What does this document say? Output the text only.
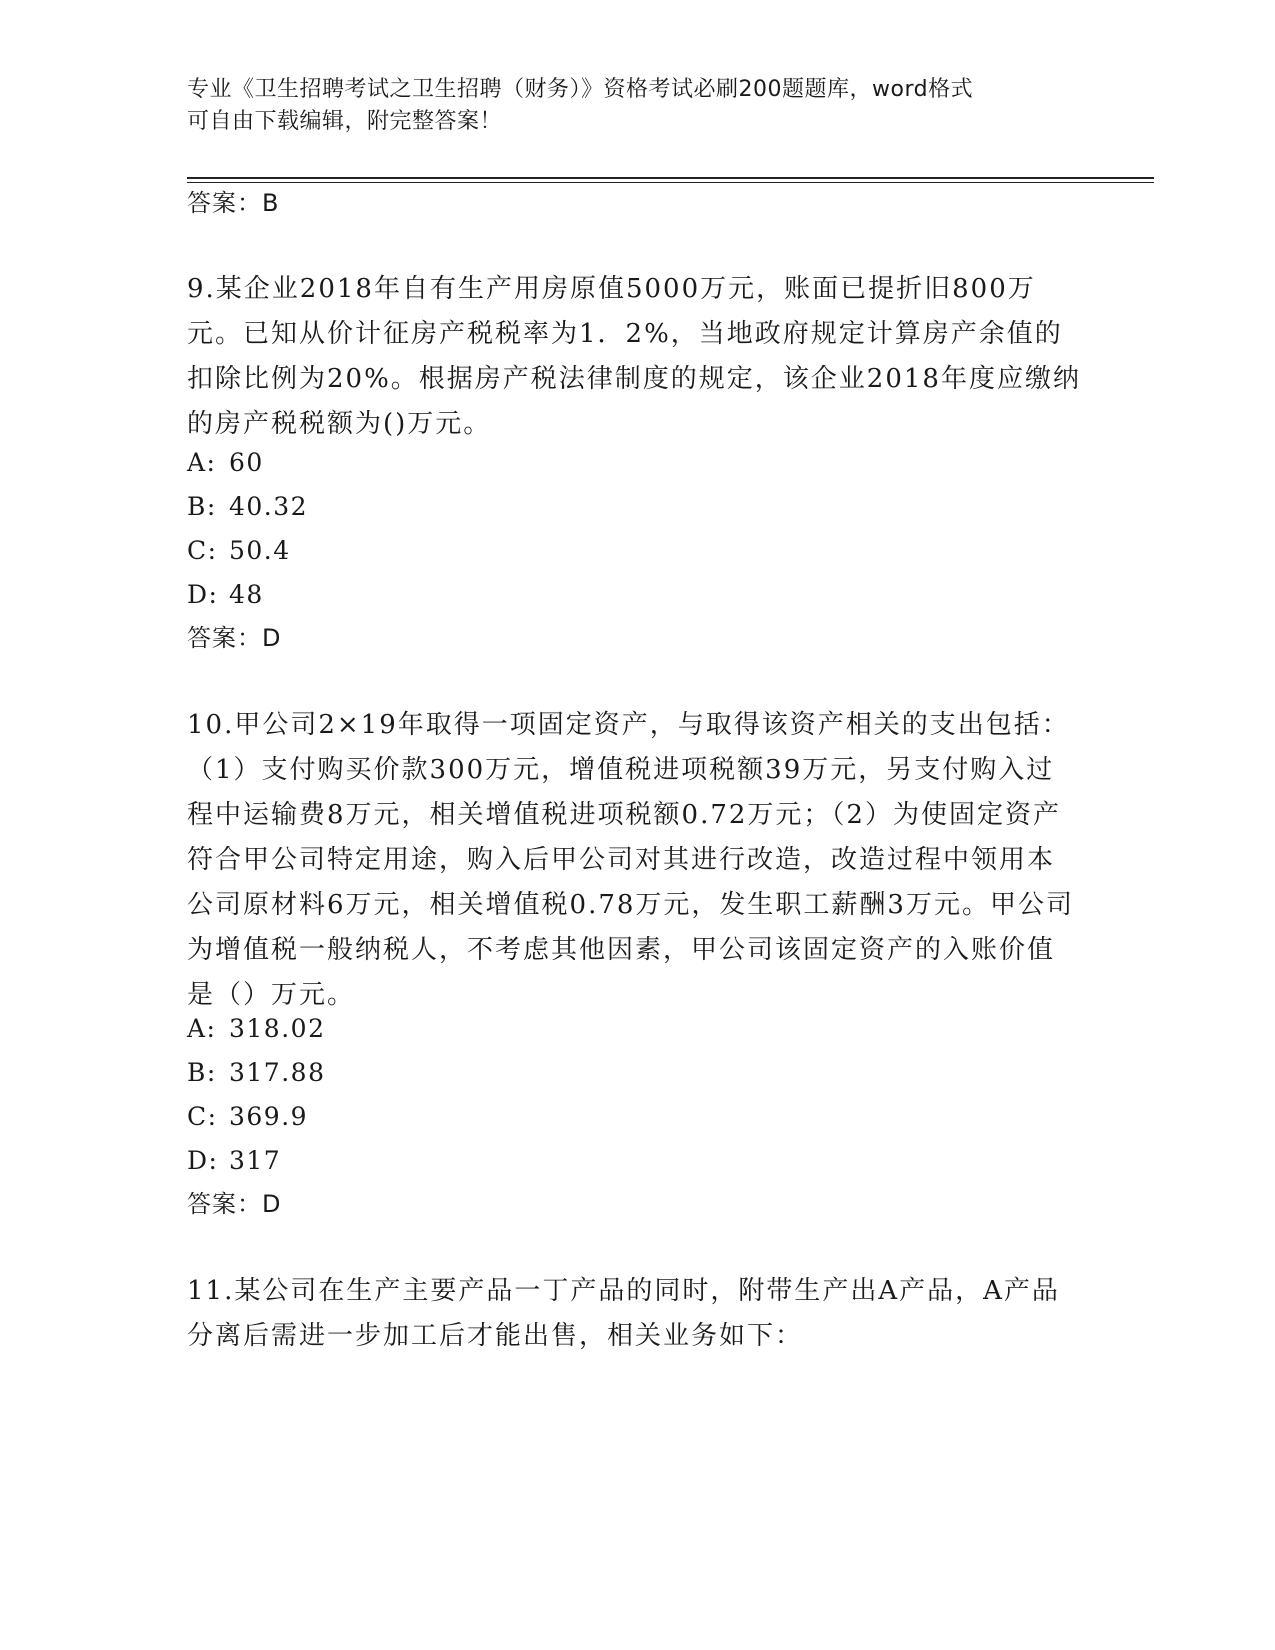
专业《卫生招聘考试之卫生招聘（财务）》资格考试必刷200题题库，word格式
可自由下载编辑，附完整答案！
答案：B

9.某企业2018年自有生产用房原值5000万元，账面已提折旧800万元。已知从价计征房产税税率为1．2%，当地政府规定计算房产余值的扣除比例为20%。根据房产税法律制度的规定，该企业2018年度应缴纳的房产税税额为()万元。

A: 60
B: 40.32
C: 50.4
D: 48
答案：D

10.甲公司2×19年取得一项固定资产，与取得该资产相关的支出包括：（1）支付购买价款300万元，增值税进项税额39万元，另支付购入过程中运输费8万元，相关增值税进项税额0.72万元；（2）为使固定资产符合甲公司特定用途，购入后甲公司对其进行改造，改造过程中领用本公司原材料6万元，相关增值税0.78万元，发生职工薪酬3万元。甲公司为增值税一般纳税人，不考虑其他因素，甲公司该固定资产的入账价值是（）万元。

A: 318.02
B: 317.88
C: 369.9
D: 317
答案：D

11.某公司在生产主要产品一丁产品的同时，附带生产出A产品，A产品分离后需进一步加工后才能出售，相关业务如下：
